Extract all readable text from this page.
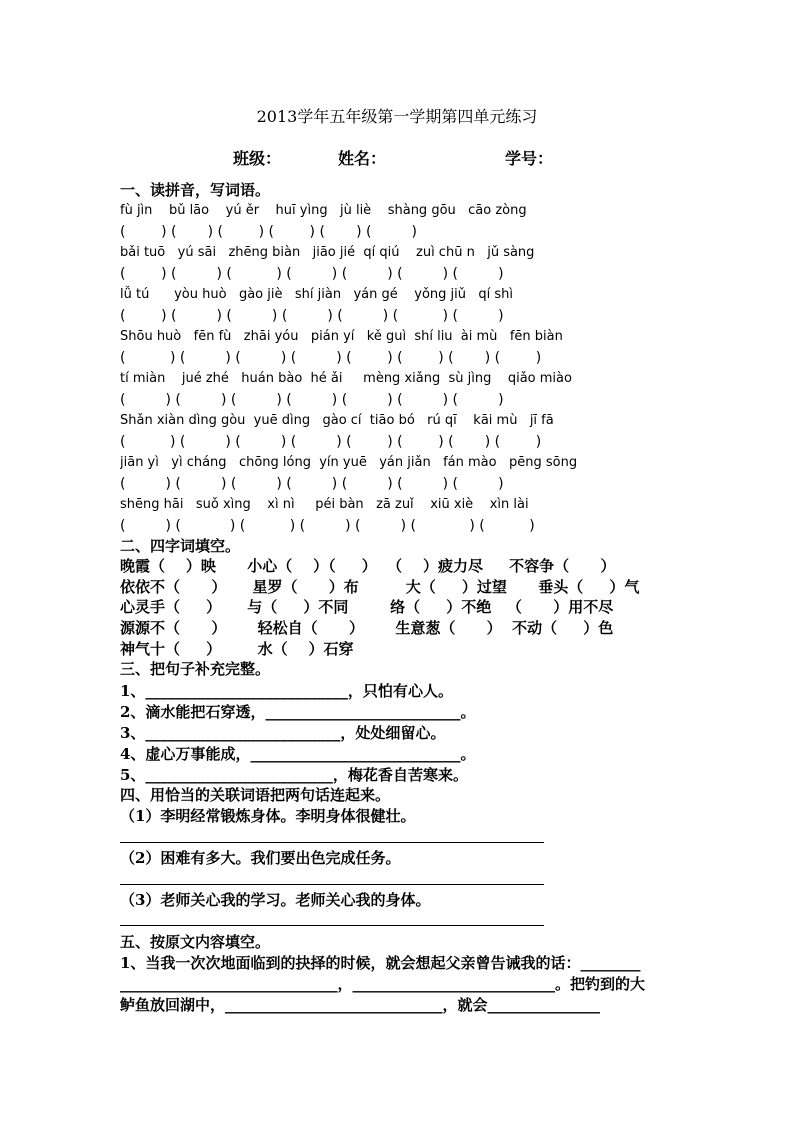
2013学年五年级第一学期第四单元练习
班级：	姓名：	学号：
一、读拼音，写词语。
fù jìn    bǔ lāo    yú ěr    huī yìng   jù liè    shàng gōu   cāo zòng
(        ) (       ) (        ) (        ) (       ) (         )
bǎi tuō   yú sāi   zhēng biàn   jiāo jié  qí qiú    zuì chū n   jǔ sàng
(        ) (         ) (          ) (         ) (         ) (         ) (         )
lǚ tú      yòu huò   gào jiè   shí jiàn   yán gé    yǒng jiǔ   qí shì
(        ) (         ) (         ) (         ) (         ) (          ) (         )
Shōu huò   fēn fù   zhāi yóu   pián yí   kě guì  shí liu  ài mù   fēn biàn
(          ) (         ) (         ) (         ) (        ) (        ) (       ) (        )
tí miàn    jué zhé   huán bào  hé ǎi     mèng xiǎng  sù jìng    qiǎo miào
(         ) (         ) (         ) (         ) (         ) (         ) (         )
Shǎn xiàn dìng gòu  yuē dìng   gào cí  tiāo bó   rú qī    kāi mù   jī fā
(          ) (         ) (         ) (         ) (        ) (        ) (       ) (        )
jiān yì   yì cháng   chōng lóng  yín yuē   yán jiǎn   fán mào   pēng sōng
(         ) (         ) (         ) (         ) (         ) (         ) (         )
shēng hāi   suǒ xìng    xì nì     péi bàn   zā zuǐ    xiū xiè    xìn lài
(         ) (           ) (          ) (         ) (         ) (            ) (          )
二、四字词填空。
晚霞（    ）映      小心（    ）（     ）  （    ）疲力尽     不容争（      ）
依依不（      ）     星罗（      ）布         大（     ）过望      垂头（     ）气
心灵手（     ）     与（     ）不同        络（     ）不绝   （      ）用不尽
源源不（      ）      轻松自（      ）      生意葱（      ）  不动（     ）色
神气十（     ）       水（    ）石穿
三、把句子补充完整。
1、___________________________，只怕有心人。
2、滴水能把石穿透，__________________________。
3、__________________________，处处细留心。
4、虚心万事能成，____________________________。
5、_________________________，梅花香自苦寒来。
四、用恰当的关联词语把两句话连起来。
（1）李明经常锻炼身体。李明身体很健壮。
（2）困难有多大。我们要出色完成任务。
（3）老师关心我的学习。老师关心我的身体。
五、按原文内容填空。
1、当我一次次地面临到的抉择的时候，就会想起父亲曾告诫我的话：________
_____________________________，___________________________。把钓到的大
鲈鱼放回湖中，_____________________________，就会_______________
